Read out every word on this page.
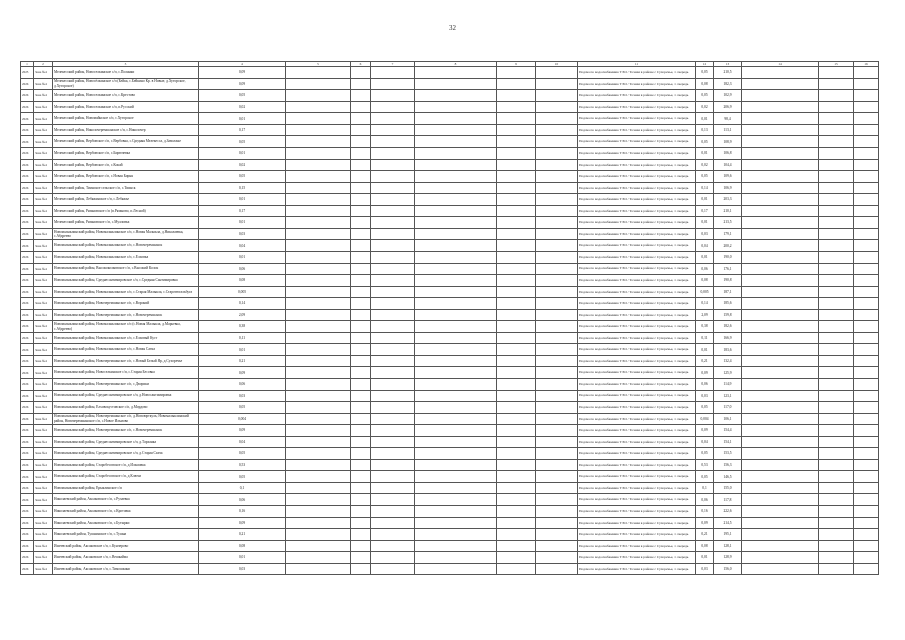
32
1	2	3	4	5	6	7	8	9	10	11	12	13	14	15	16
2025	Зона №4	Мелекесский район, Новоселкинское с/п, с.Полянки	0,09							Подача по водоснабжению ТЭО / Точная в районе с Сухоречье, 1 очередь	0,05	210,5			
2026	Зона №4	Мелекесский район, Новосёлкинское с/п (Бейка, с.Бейкино Кр. в Новые, д.Хуторское, д.Хуторское)	0,09							Подача по водоснабжению ТЭО / Точная в районе с Сухоречье, 1 очередь	0,08	182,3			
2026	Зона №4	Мелекесский район, Новоселкинское с/п, с.Крестово	0,05							Подача по водоснабжению ТЭО / Точная в районе с Сухоречье, 1 очередь	0,05	102,9			
2026	Зона №4	Мелекесский район, Новоселкинское с/п, п.Русский	0,02							Подача по водоснабжению ТЭО / Точная в районе с Сухоречье, 1 очередь	0,02	206,9			
2026	Зона №4	Мелекесский район, Новомайнское с/п, с.Хуторское	0,01							Подача по водоснабжению ТЭО / Точная в районе с Сухоречье, 1 очередь	0,01	98,4			
2026	Зона №4	Мелекесский район, Николочеремшанское с/п, с.Николочер	0,17							Подача по водоснабжению ТЭО / Точная в районе с Сухоречье, 1 очередь	0,13	113,1			
2026	Зона №4	Мелекесский район, Вербовское с/п, с.Вербовка, с.Средняя Мелекесса, д.Заволжье	0,05							Подача по водоснабжению ТЭО / Точная в районе с Сухоречье, 1 очередь	0,05	108,9			
2026	Зона №4	Мелекесский район, Вербовское с/п, с.Бирючевка	0,01							Подача по водоснабжению ТЭО / Точная в районе с Сухоречье, 1 очередь	0,01	106,8			
2026	Зона №4	Мелекесский район, Вербовское с/п, с.Кокай	0,02							Подача по водоснабжению ТЭО / Точная в районе с Сухоречье, 1 очередь	0,02	104,4			
2026	Зона №4	Мелекесский район, Вербовское с/п, с.Новая Бирня	0,05							Подача по водоснабжению ТЭО / Точная в районе с Сухоречье, 1 очередь	0,05	109,6			
2026	Зона №4	Мелекесский район, Тиинское сельское с/п, с.Тиинск	0,15							Подача по водоснабжению ТЭО / Точная в районе с Сухоречье, 1 очередь	0,14	106,9			
2026	Зона №4	Мелекесский район, Лебяжинское с/п, с.Лебяжье	0,01							Подача по водоснабжению ТЭО / Точная в районе с Сухоречье, 1 очередь	0,01	203,3			
2026	Зона №4	Мелекесский район, Рязановское с/п (п.Рязаново, п.Лесной)	0,17							Подача по водоснабжению ТЭО / Точная в районе с Сухоречье, 1 очередь	0,17	210,1			
2026	Зона №4	Мелекесский район, Рязановское с/п, с.Мулловка	0,01							Подача по водоснабжению ТЭО / Точная в районе с Сухоречье, 1 очередь	0,01	213,5			
2026	Зона №4	Новомалыклинский район, Новомалыклинское с/п, с.Новая Малыкла, д.Николаевка, с.Абдреево	0,03							Подача по водоснабжению ТЭО / Точная в районе с Сухоречье, 1 очередь	0,03	179,1			
2026	Зона №4	Новомалыклинский район, Новомалыклинское с/п, с.Новочеремшанск	0,04							Подача по водоснабжению ТЭО / Точная в районе с Сухоречье, 1 очередь	0,04	200,2			
2026	Зона №4	Новомалыклинский район, Новомалыклинское с/п, с.Елховка	0,01							Подача по водоснабжению ТЭО / Точная в районе с Сухоречье, 1 очередь	0,01	190,0			
2026	Зона №4	Новомалыклинский район, Высококолковское с/п, с.Высокий Колок	0,06							Подача по водоснабжению ТЭО / Точная в районе с Сухоречье, 1 очередь	0,06	176,1			
2026	Зона №4	Новомалыклинский район, Среднесантимировское с/п, с.Средняя Сантимировка	0,08							Подача по водоснабжению ТЭО / Точная в районе с Сухоречье, 1 очередь	0,08	190,8			
2026	Зона №4	Новомалыклинский район, Новомалыклинское с/п, с.Старая Малыкла, с.Старотюгальбуга	0,005							Подача по водоснабжению ТЭО / Точная в районе с Сухоречье, 1 очередь	0,005	187,1			
2026	Зона №4	Новомалыклинский район, Новочеремшанское с/п, с.Вороний	0,14							Подача по водоснабжению ТЭО / Точная в районе с Сухоречье, 1 очередь	0,14	185,6			
2026	Зона №4	Новомалыклинский район, Новочеремшанское с/п, с.Новочеремшанск	2,09							Подача по водоснабжению ТЭО / Точная в районе с Сухоречье, 1 очередь	2,09	159,8			
2026	Зона №4	Новомалыклинский район, Новомалыклинское с/п (с.Новая Малыкла, д.Марьевка, с.Абдреево)	0,38							Подача по водоснабжению ТЭО / Точная в районе с Сухоречье, 1 очередь	0,38	182,6			
2026	Зона №4	Новомалыклинский район, Новомалыклинское с/п, с.Елховый Куст	0,11							Подача по водоснабжению ТЭО / Точная в районе с Сухоречье, 1 очередь	0,11	166,9			
2026	Зона №4	Новомалыклинский район, Новомалыклинское с/п, с.Новая Сахча	0,01							Подача по водоснабжению ТЭО / Точная в районе с Сухоречье, 1 очередь	0,01	183,6			
2026	Зона №4	Новомалыклинский район, Новочеремшанское с/п, с.Новый Белый Яр, д.Сухоречье	0,21							Подача по водоснабжению ТЭО / Точная в районе с Сухоречье, 1 очередь	0,21	132,4			
2026	Зона №4	Новомалыклинский район, Новоселкинское с/п, с.Старая Бесовка	0,09							Подача по водоснабжению ТЭО / Точная в районе с Сухоречье, 1 очередь	0,09	125,9			
2026	Зона №4	Новомалыклинский район, Новочеремшанское с/п, с.Дворики	0,06							Подача по водоснабжению ТЭО / Точная в районе с Сухоречье, 1 очередь	0,06	114,9			
2026	Зона №4	Новомалыклинский район, Среднесантимировское с/п, д.Новосантимировка	0,03							Подача по водоснабжению ТЭО / Точная в районе с Сухоречье, 1 очередь	0,03	123,1			
2026	Зона №4	Новомалыклинский район, Елховокустовское с/п, д.Мордово	0,05							Подача по водоснабжению ТЭО / Точная в районе с Сухоречье, 1 очередь	0,05	117,0			
2026	Зона №4	Новомалыклинский район, Новочеремшанское с/п, д.Новоюрткуль; Новомалыклинский район, Новочеремшанское с/п, с.Новое Ильмово	0,004							Подача по водоснабжению ТЭО / Точная в районе с Сухоречье, 1 очередь	0,004	106,1			
2026	Зона №4	Новомалыклинский район, Новочеремшанское с/п, с.Новочеремшанск	0,09							Подача по водоснабжению ТЭО / Точная в районе с Сухоречье, 1 очередь	0,09	154,4			
2026	Зона №4	Новомалыклинский район, Среднесантимировское с/п, д.Тарханка	0,04							Подача по водоснабжению ТЭО / Точная в районе с Сухоречье, 1 очередь	0,04	154,1			
2026	Зона №4	Новомалыклинский район, Среднесантимировское с/п, д.Старая Сахча	0,05							Подача по водоснабжению ТЭО / Точная в районе с Сухоречье, 1 очередь	0,05	153,5			
2026	Зона №4	Новомалыклинский район, Старобесовское с/п, д.Ильмовка	0,53							Подача по водоснабжению ТЭО / Точная в районе с Сухоречье, 1 очередь	0,53	156,3			
2026	Зона №4	Новомалыклинский район, Старобесовское с/п, д.Ключи	0,05							Подача по водоснабжению ТЭО / Точная в районе с Сухоречье, 1 очередь	0,05	146,5			
2026	Зона №4	Новомалыклинский район, Ерыклинское с/п	0,1							Подача по водоснабжению ТЭО / Точная в районе с Сухоречье, 1 очередь	0,1	155,0			
2026	Зона №4	Николаевский район, Аксаковское с/п, с.Рузаевка	0,06							Подача по водоснабжению ТЭО / Точная в районе с Сухоречье, 1 очередь	0,06	117,8			
2026	Зона №4	Николаевский район, Аксаковское с/п, с.Кротовка	0,16							Подача по водоснабжению ТЭО / Точная в районе с Сухоречье, 1 очередь	0,16	222,6			
2026	Зона №4	Николаевский район, Аксаковское с/п, с.Бутырки	0,09							Подача по водоснабжению ТЭО / Точная в районе с Сухоречье, 1 очередь	0,09	214,5			
2026	Зона №4	Николаевский район, Тушнинское с/п, с.Тушна	0,21							Подача по водоснабжению ТЭО / Точная в районе с Сухоречье, 1 очередь	0,21	195,1			
2026	Зона №4	Ишеевский район, Аксаковское с/п, с.Кунчерово	0,08							Подача по водоснабжению ТЭО / Точная в районе с Сухоречье, 1 очередь	0,08	128,1			
2026	Зона №4	Ишеевский район, Аксаковское с/п, с.Вешкайма	0,01							Подача по водоснабжению ТЭО / Точная в районе с Сухоречье, 1 очередь	0,01	128,9			
2026	Зона №4	Ишеевский район, Аксаковское с/п, с.Тимошкино	0,03							Подача по водоснабжению ТЭО / Точная в районе с Сухоречье, 1 очередь	0,03	156,0			
